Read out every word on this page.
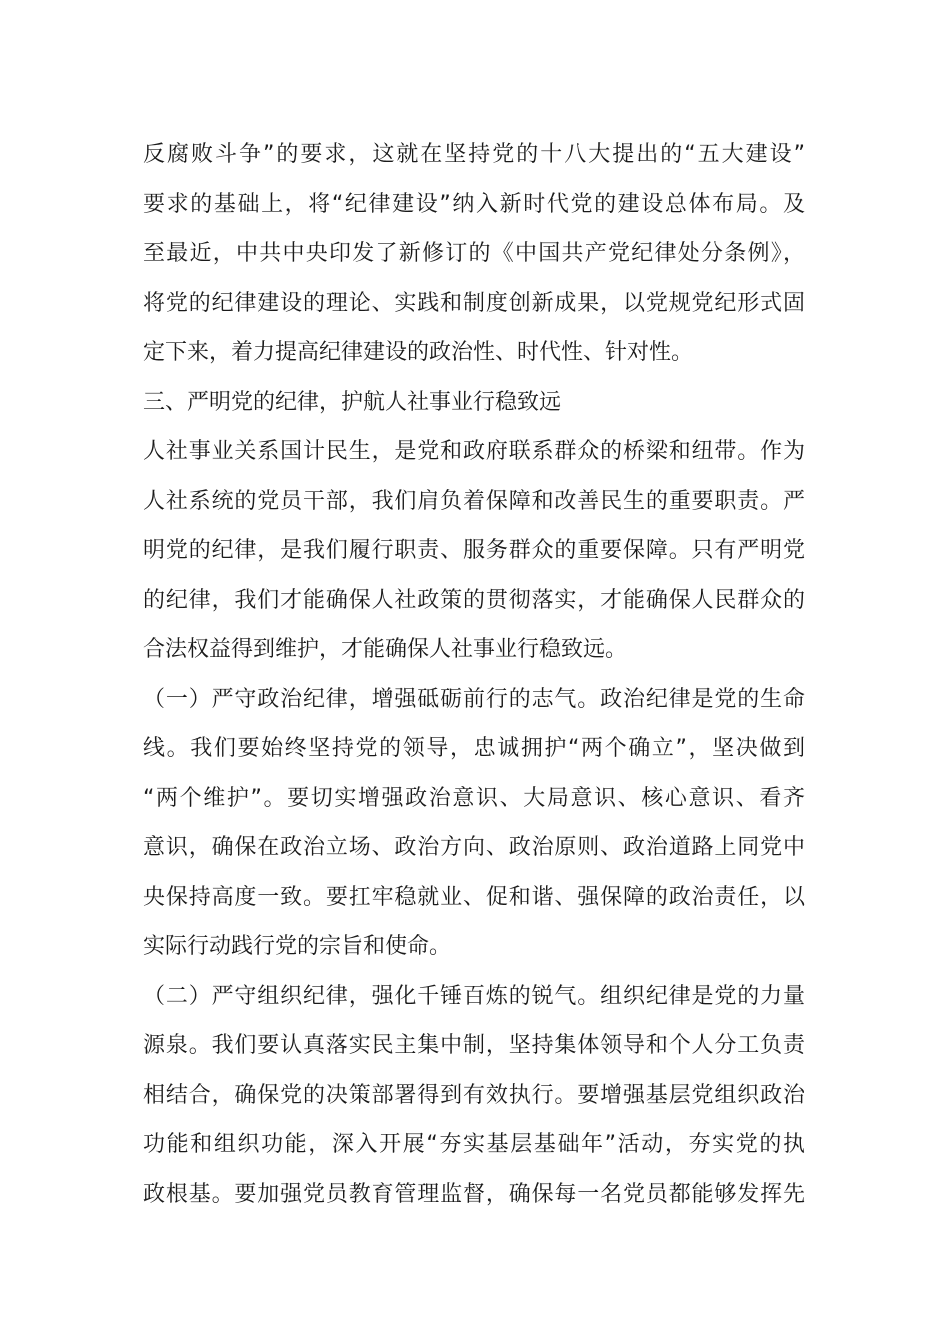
反腐败斗争”的要求，这就在坚持党的十八大提出的“五大建设”
要求的基础上，将“纪律建设”纳入新时代党的建设总体布局。及
至最近，中共中央印发了新修订的《中国共产党纪律处分条例》，
将党的纪律建设的理论、实践和制度创新成果，以党规党纪形式固
定下来，着力提高纪律建设的政治性、时代性、针对性。
三、严明党的纪律，护航人社事业行稳致远
人社事业关系国计民生，是党和政府联系群众的桥梁和纽带。作为
人社系统的党员干部，我们肩负着保障和改善民生的重要职责。严
明党的纪律，是我们履行职责、服务群众的重要保障。只有严明党
的纪律，我们才能确保人社政策的贯彻落实，才能确保人民群众的
合法权益得到维护，才能确保人社事业行稳致远。
（一）严守政治纪律，增强砥砺前行的志气。政治纪律是党的生命
线。我们要始终坚持党的领导，忠诚拥护“两个确立”，坚决做到
“两个维护”。要切实增强政治意识、大局意识、核心意识、看齐
意识，确保在政治立场、政治方向、政治原则、政治道路上同党中
央保持高度一致。要扛牢稳就业、促和谐、强保障的政治责任，以
实际行动践行党的宗旨和使命。
（二）严守组织纪律，强化千锤百炼的锐气。组织纪律是党的力量
源泉。我们要认真落实民主集中制，坚持集体领导和个人分工负责
相结合，确保党的决策部署得到有效执行。要增强基层党组织政治
功能和组织功能，深入开展“夯实基层基础年”活动，夯实党的执
政根基。要加强党员教育管理监督，确保每一名党员都能够发挥先
